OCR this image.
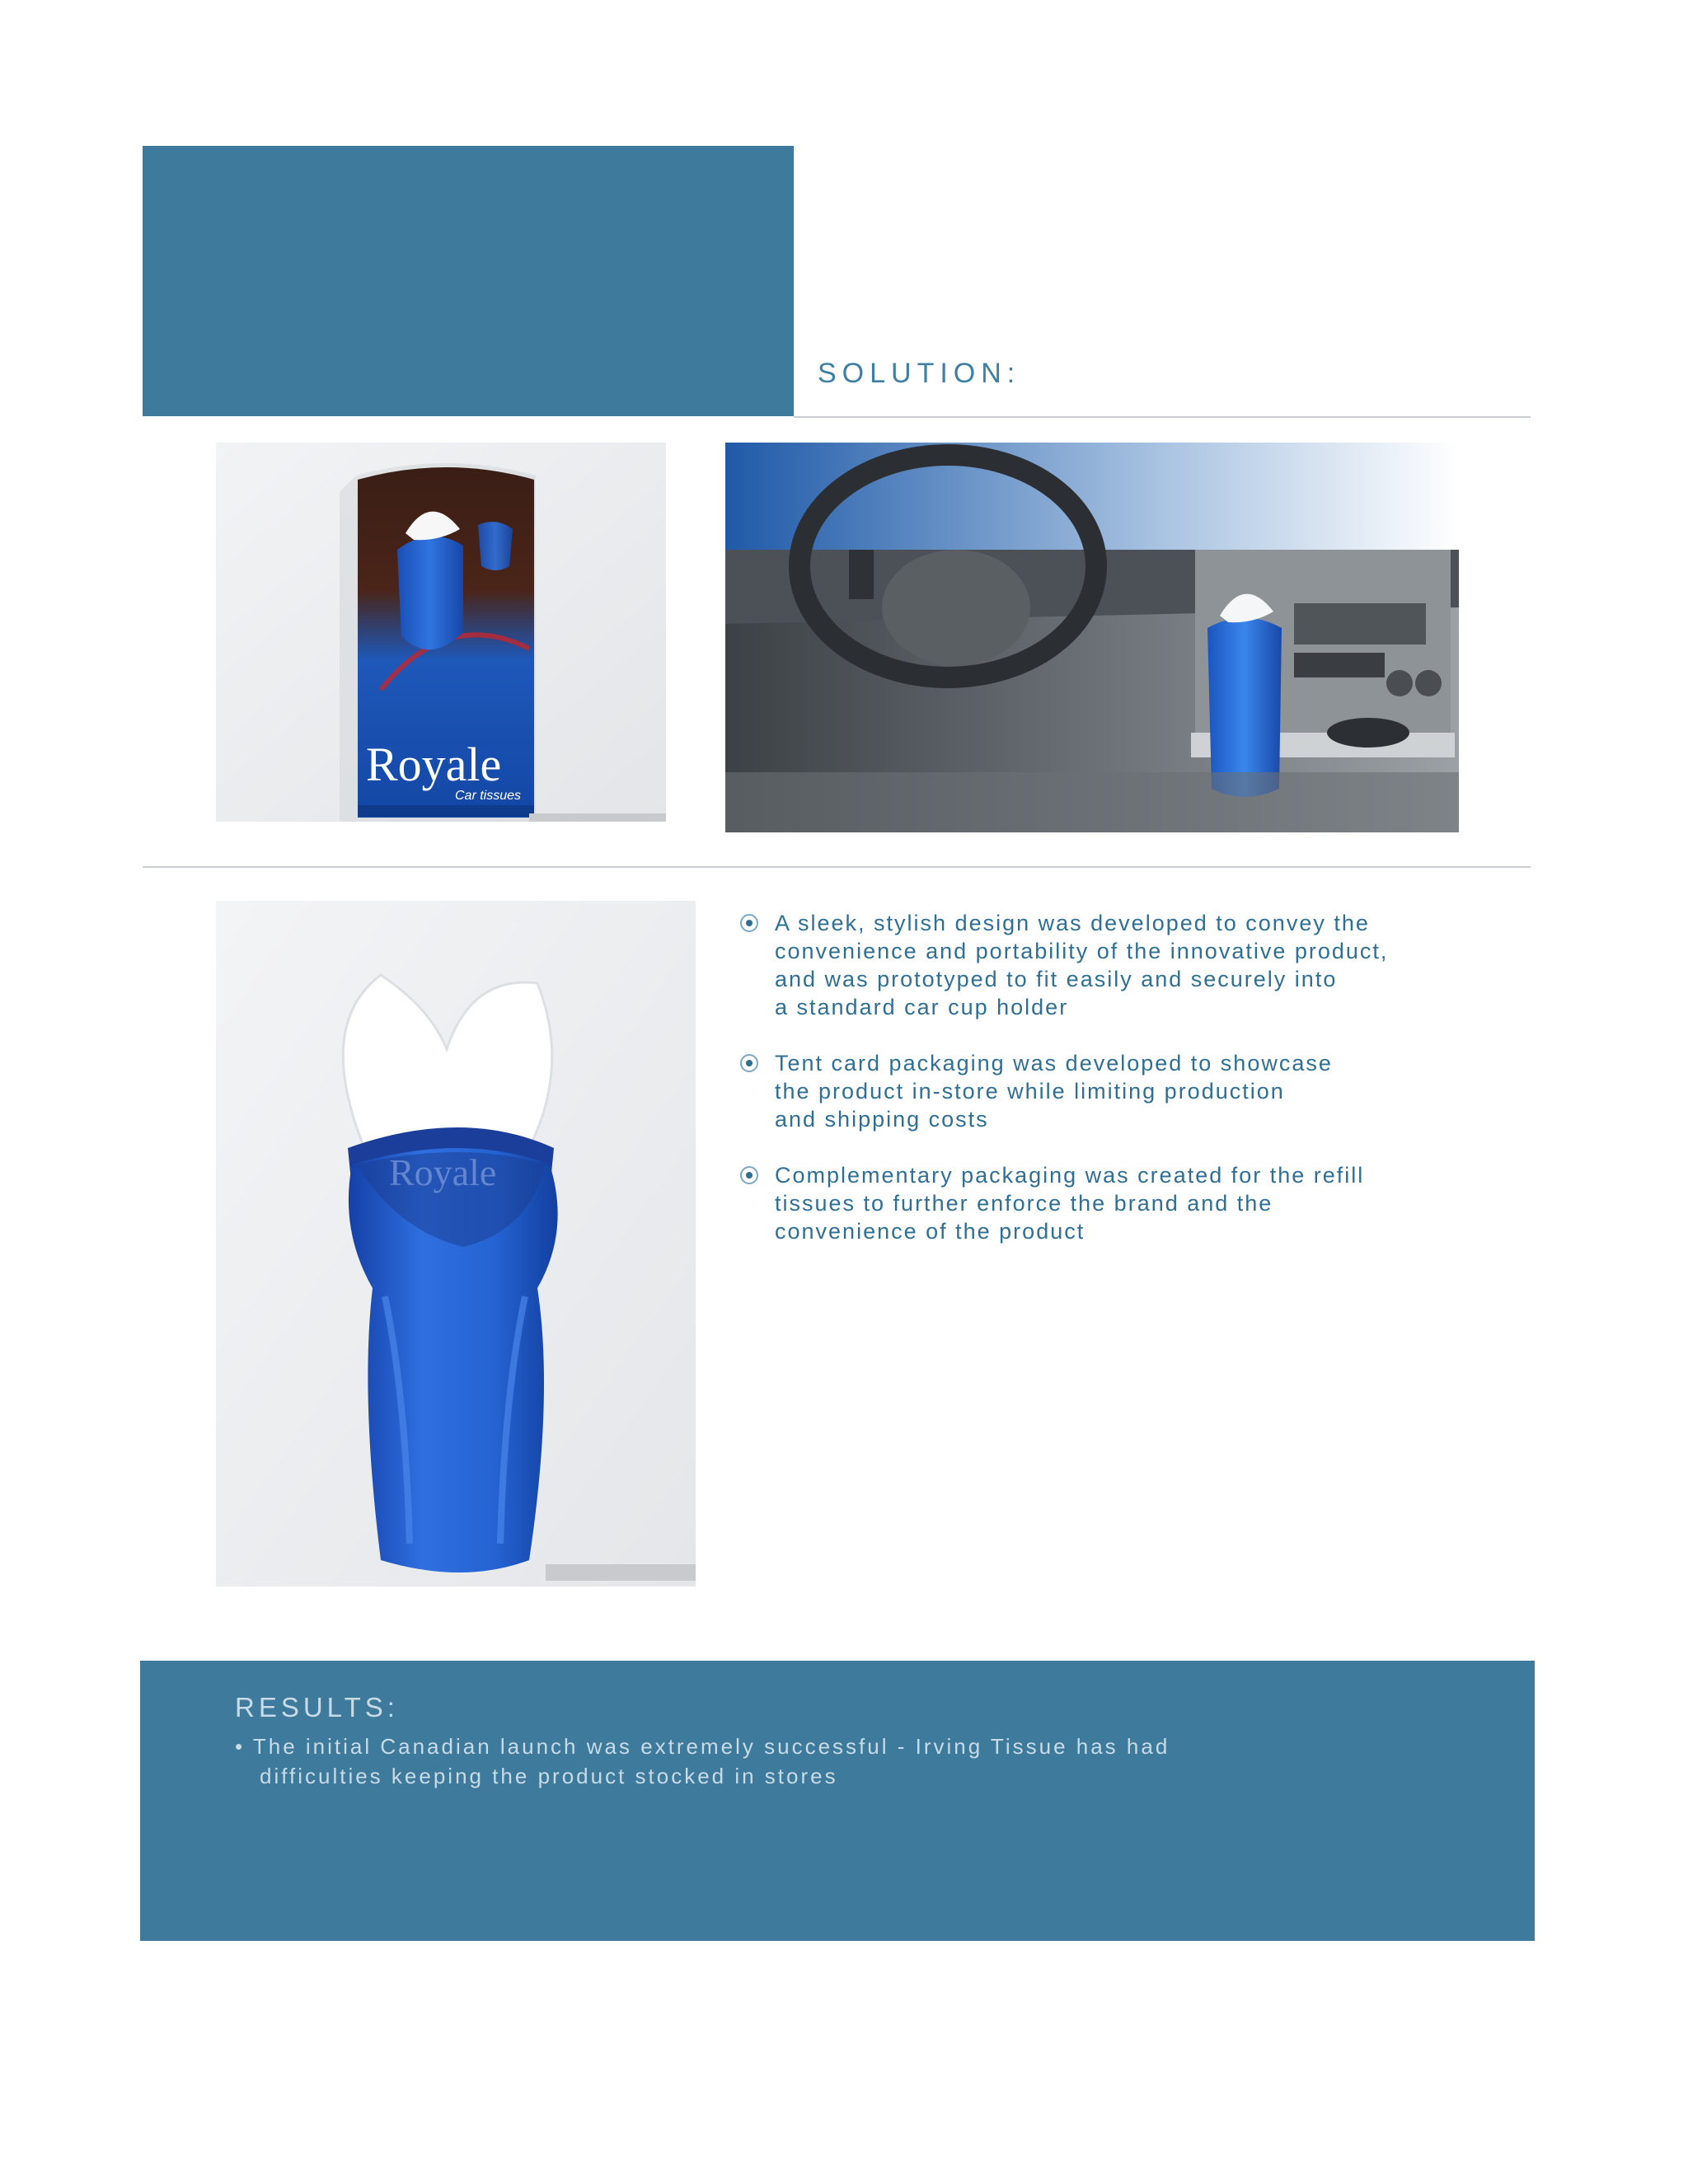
SOLUTION:
Royale
Car tissues
Royale
A sleek, stylish design was developed to convey the
convenience and portability of the innovative product,
and was prototyped to fit easily and securely into
a standard car cup holder
Tent card packaging was developed to showcase
the product in-store while limiting production
and shipping costs
Complementary packaging was created for the refill
tissues to further enforce the brand and the
convenience of the product
RESULTS:
• The initial Canadian launch was extremely successful - Irving Tissue has had
difficulties keeping the product stocked in stores
